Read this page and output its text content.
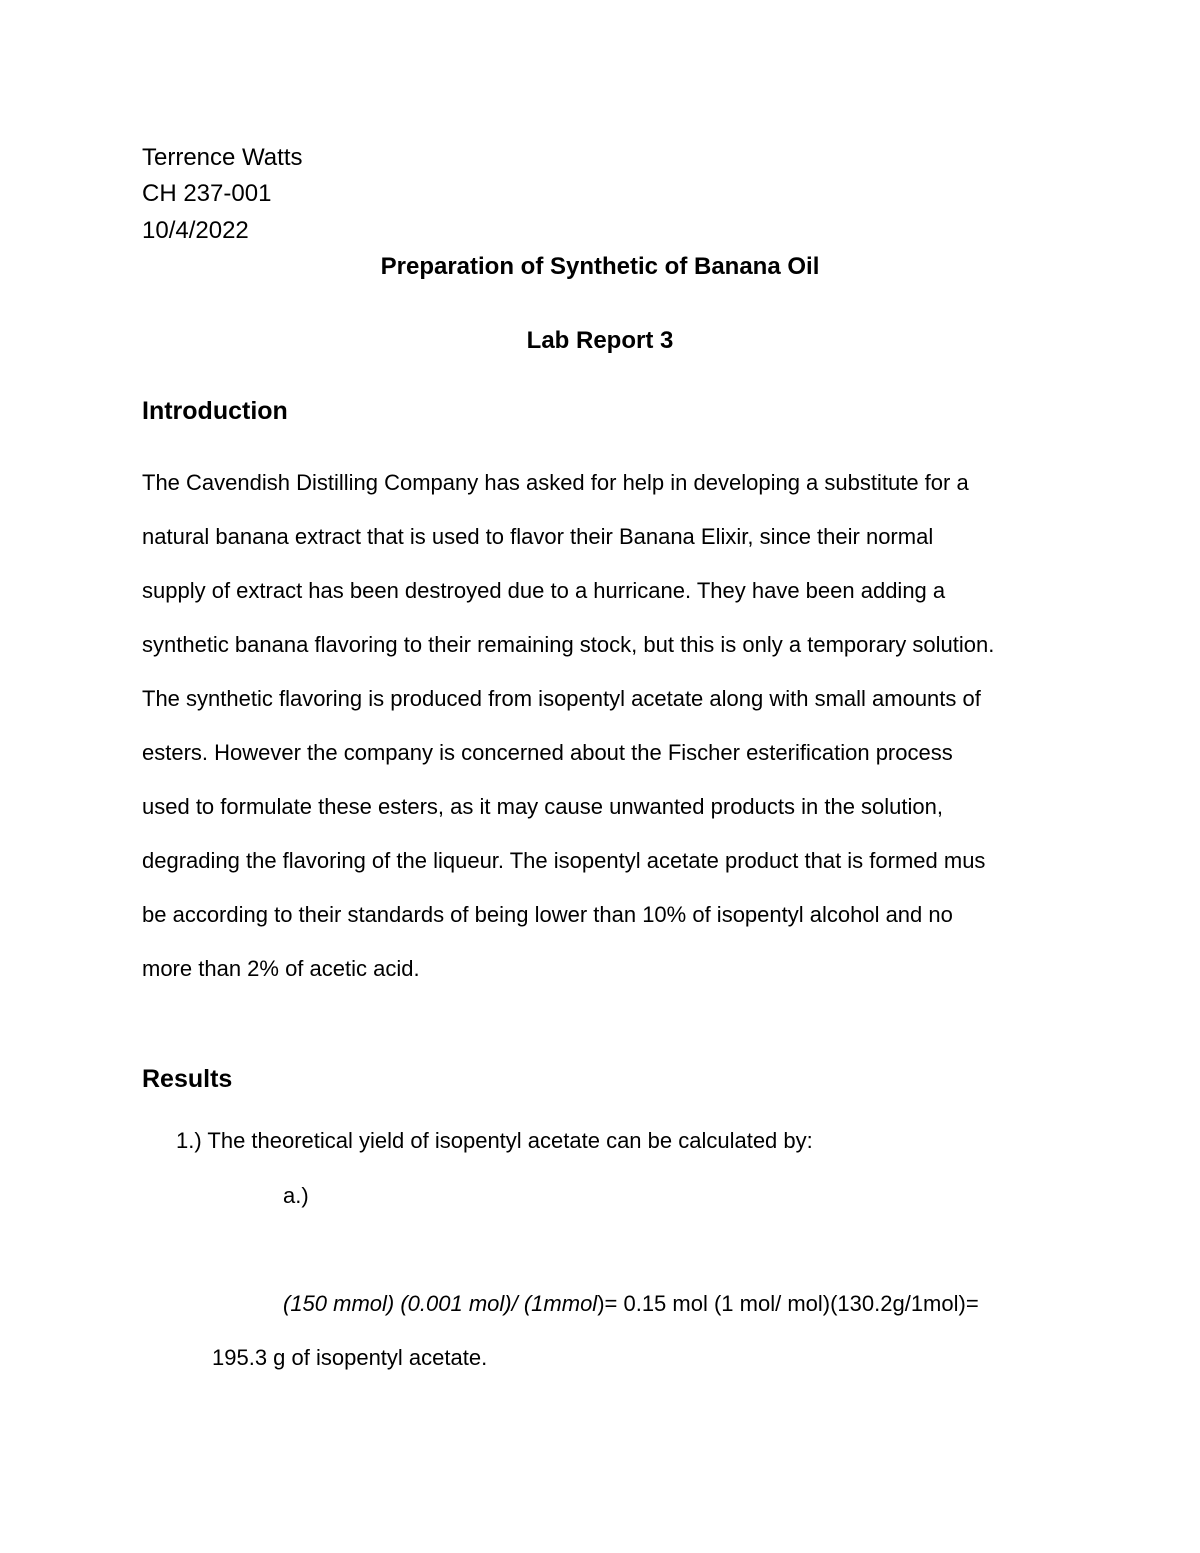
Terrence Watts
CH 237-001
10/4/2022
Preparation of Synthetic of Banana Oil
Lab Report 3
Introduction
The Cavendish Distilling Company has asked for help in developing a substitute for a
natural banana extract that is used to flavor their Banana Elixir, since their normal
supply of extract has been destroyed due to a hurricane. They have been adding a
synthetic banana flavoring to their remaining stock, but this is only a temporary solution.
The synthetic flavoring is produced from isopentyl acetate along with small amounts of
esters. However the company is concerned about the Fischer esterification process
used to formulate these esters, as it may cause unwanted products in the solution,
degrading the flavoring of the liqueur. The isopentyl acetate product that is formed mus
be according to their standards of being lower than 10% of isopentyl alcohol and no
more than 2% of acetic acid.
Results
1.) The theoretical yield of isopentyl acetate can be calculated by:
a.)
(150 mmol) (0.001 mol)/ (1mmol)= 0.15 mol (1 mol/ mol)(130.2g/1mol)=
195.3 g of isopentyl acetate.
